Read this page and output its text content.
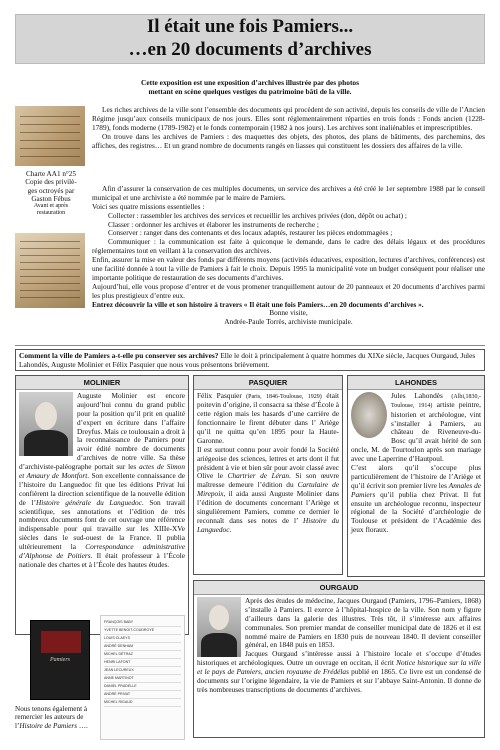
Il était une fois Pamiers...
…en 20 documents d’archives
Cette exposition est une exposition d’archives illustrée par des photos
mettant en scène quelques vestiges du patrimoine bâti de la ville.
Charte AA1 n°25
Copie des privilè-
ges octroyés par
Gaston Fébus
Avant et après
restauration
Les riches archives de la ville sont l’ensemble des documents qui procèdent de son activité, depuis les conseils de ville de l’Ancien Régime jusqu’aux conseils municipaux de nos jours. Elles sont réglementairement réparties en trois fonds : Fonds ancien (1228-1789), fonds moderne (1789-1982) et le fonds contemporain (1982 à nos jours). Les archives sont inaliénables et imprescriptibles.
On trouve dans les archives de Pamiers : des maquettes des objets, des photos, des plans de bâtiments, des parchemins, des affiches, des registres… Et un grand nombre de documents rangés en liasses qui constituent les dossiers des affaires de la ville.
Afin d’assurer la conservation de ces multiples documents, un service des archives a été créé le 1er septembre 1988 par le conseil municipal et une archiviste a été nommée par le maire de Pamiers.
Voici ses quatre missions essentielles :
Collecter : rassembler les archives des services et recueillir les archives privées (don, dépôt ou achat) ;
Classer : ordonner les archives et élaborer les instruments de recherche ;
Conserver : ranger dans des contenants et des locaux adaptés, restaurer les pièces endommagées ;
Communiquer : la communication est faite à quiconque le demande, dans le cadre des délais légaux et des procédures réglementaires tout en veillant à la conservation des archives.
Enfin, assurer la mise en valeur des fonds par différents moyens (activités éducatives, exposition, lectures d’archives, conférences) est une facilité donnée à tout la ville de Pamiers à fait le choix. Depuis 1995 la municipalité vote un budget conséquent pour réaliser une importante politique de restauration de ses documents d’archives.
Aujourd’hui, elle vous propose d’entrer et de vous promener tranquillement autour de 20 panneaux et 20 documents d’archives parmi les plus prestigieux d’entre eux.
Entrez découvrir la ville et son histoire à travers « Il était une fois Pamiers…en 20 documents d’archives ».
Bonne visite,
Andrée-Paule Torrès, archiviste municipale.
Comment la ville de Pamiers a-t-elle pu conserver ses archives? Elle le doit à principalement à quatre hommes du XIXe siècle, Jacques Ourgaud, Jules Lahondès, Auguste Molinier et Félix Pasquier que nous vous présentons brièvement.
MOLINIER
Auguste Molinier est encore aujourd’hui connu du grand public pour la position qu’il prit en qualité d’expert en écriture dans l’affaire Dreyfus. Mais ce toulousain a droit à la reconnaissance de Pamiers pour avoir édité nombre de documents d’archives de notre ville. Sa thèse d’archiviste-paléographe portait sur les actes de Simon et Amaury de Montfort. Son excellente connaissance de l’histoire du Languedoc fit que les éditions Privat lui confièrent la direction scientifique de la nouvelle édition de l’Histoire générale du Languedoc. Son travail scientifique, ses annotations et l’édition de très nombreux documents font de cet ouvrage une référence indispensable pour qui travaille sur les XIIIe-XVe siècles dans le sud-ouest de la France. Il publia ultérieurement la Correspondance administrative d’Alphonse de Poitiers. Il était professeur à l’École nationale des chartes et à l’École des hautes études.
PASQUIER
Félix Pasquier (Paris, 1846-Toulouse, 1929) était poitevin d’origine, il consacra sa thèse d’École à cette région mais les hasards d’une carrière de fonctionnaire le firent débuter dans l’ Ariège qu’il ne quitta qu’en 1895 pour la Haute-Garonne.
Il est surtout connu pour avoir fondé la Société ariégeoise des sciences, lettres et arts dont il fut président à vie et bien sûr pour avoir classé avec Olive le Chartrier de Léran. Si son œuvre maîtresse demeure l’édition du Cartulaire de Mirepoix, il aida aussi Auguste Molinier dans l’édition de documents concernant l’Ariège et singulièrement Pamiers, comme ce dernier le reconnaît dans ses notes de l’ Histoire du Languedoc.
LAHONDES
Jules Lahondès (Albi,1830,- Toulouse, 1914) artiste peintre, historien et archéologue, vint s’installer à Pamiers, au château de Riveneuve-du-Bosc qu’il avait hérité de son oncle, M. de Tourtoulon après son mariage avec une Laperrine d’Hautpoul.
C’est alors qu’il s’occupe plus particulièrement de l’histoire de l’Ariège et qu’il écrivit son premier livre les Annales de Pamiers qu’il publia chez Privat. Il fut ensuite un archéologue reconnu, inspecteur régional de la Société d’archéologie de Toulouse et président de l’Académie des jeux floraux.
OURGAUD
Après des études de médecine, Jacques Ourgaud (Pamiers, 1796–Pamiers, 1868) s’installe à Pamiers. Il exerce à l’hôpital-hospice de la ville. Son nom y figure d’ailleurs dans la galerie des illustres. Très tôt, il s’intéresse aux affaires communales. Son premier mandat de conseiller municipal date de 1826 et il est nommé maire de Pamiers en 1830 puis de nouveau 1840. Il devient conseiller général, en 1848 puis en 1853.
Jacques Ourgaud s’intéresse aussi à l’histoire locale et s’occupe d’études historiques et archéologiques. Outre un ouvrage en occitan, il écrit Notice historique sur la ville et le pays de Pamiers, ancien royaume de Frédélas publié en 1865. Ce livre est un condensé de documents sur l’origine légendaire, la vie de Pamiers et sur l’abbaye Saint-Antonin. Il donne de très nombreuses transcriptions de documents d’archives.
Pamiers
FRANÇOIS BABY
YVETTE BENOIT-COUDROYE
LOUIS CLAEYS
ANDRÉ DENHAM
MICHEL DÉTRAZ
HENRI LAFONT
JEAN LECUREUX
ANNE MARTINOT
DANIEL PRADELLE
ANDRÉ PRIVAT
MICHEL RIGAUD
Nous tenons également à remercier les auteurs de l’Histoire de Pamiers ….
